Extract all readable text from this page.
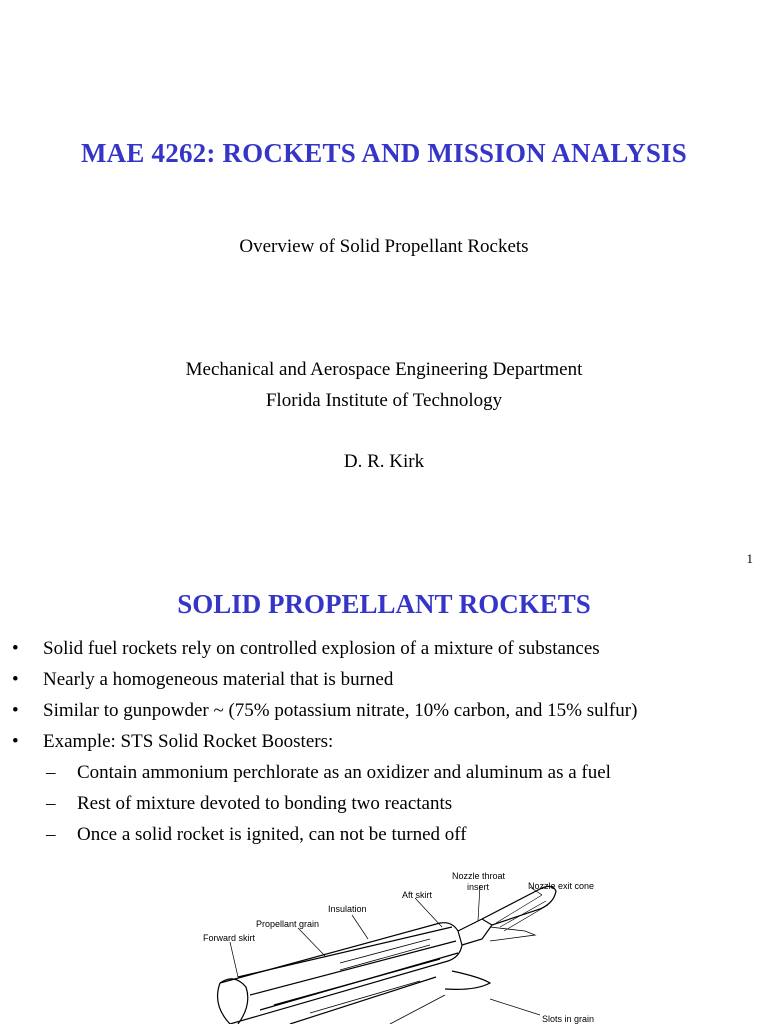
MAE 4262: ROCKETS AND MISSION ANALYSIS
Overview of Solid Propellant Rockets
Mechanical and Aerospace Engineering Department
Florida Institute of Technology
D. R. Kirk
1
SOLID PROPELLANT ROCKETS
• Solid fuel rockets rely on controlled explosion of a mixture of substances
• Nearly a homogeneous material that is burned
• Similar to gunpowder ~ (75% potassium nitrate, 10% carbon, and 15% sulfur)
• Example: STS Solid Rocket Boosters:
– Contain ammonium perchlorate as an oxidizer and aluminum as a fuel
– Rest of mixture devoted to bonding two reactants
– Once a solid rocket is ignited, can not be turned off
Nozzle throat
insert
Aft skirt
Nozzle exit cone
Insulation
Propellant grain
Forward skirt
Slots in grain
